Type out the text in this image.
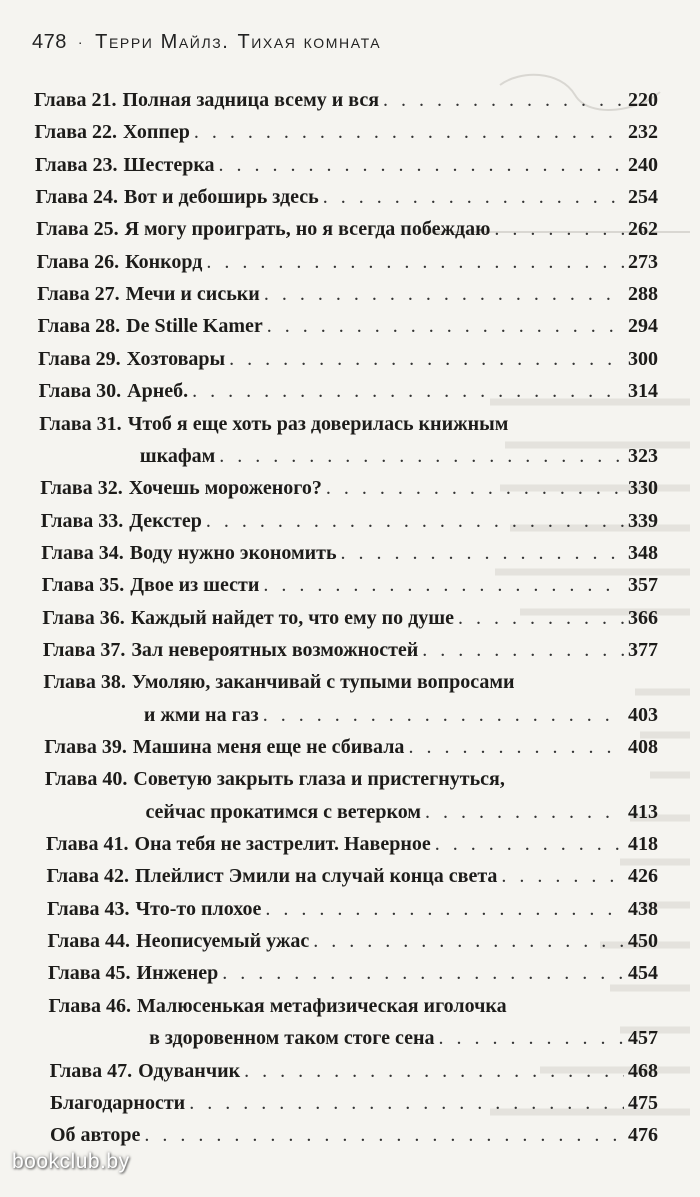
478 · Терри Майлз. Тихая комната
Глава 21. Полная задница всему и вся . . .	220
Глава 22. Хоппер . . .	232
Глава 23. Шестерка . . .	240
Глава 24. Вот и дебоширь здесь . . .	254
Глава 25. Я могу проиграть, но я всегда побеждаю . . .	262
Глава 26. Конкорд . . .	273
Глава 27. Мечи и сиськи . . .	288
Глава 28. De Stille Kamer . . .	294
Глава 29. Хозтовары . . .	300
Глава 30. Арнеб. . . .	314
Глава 31. Чтоб я еще хоть раз доверилась книжным
шкафам . . .	323
Глава 32. Хочешь мороженого? . . .	330
Глава 33. Декстер . . .	339
Глава 34. Воду нужно экономить . . .	348
Глава 35. Двое из шести . . .	357
Глава 36. Каждый найдет то, что ему по душе . . .	366
Глава 37. Зал невероятных возможностей . . .	377
Глава 38. Умоляю, заканчивай с тупыми вопросами
и жми на газ . . .	403
Глава 39. Машина меня еще не сбивала . . .	408
Глава 40. Советую закрыть глаза и пристегнуться,
сейчас прокатимся с ветерком . . .	413
Глава 41. Она тебя не застрелит. Наверное . . .	418
Глава 42. Плейлист Эмили на случай конца света . . .	426
Глава 43. Что-то плохое . . .	438
Глава 44. Неописуемый ужас . . .	450
Глава 45. Инженер . . .	454
Глава 46. Малюсенькая метафизическая иголочка
в здоровенном таком стоге сена . . .	457
Глава 47. Одуванчик . . .	468
Благодарности . . .	475
Об авторе . . .	476
bookclub.by
